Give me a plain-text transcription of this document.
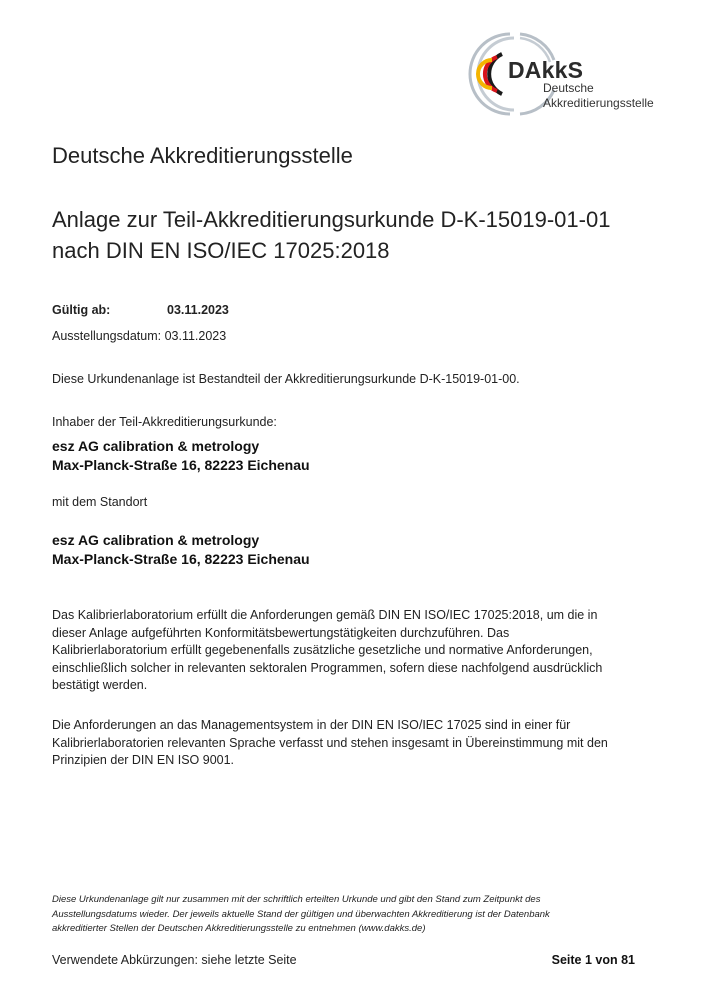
DAkkS
Deutsche
Akkreditierungsstelle
Deutsche Akkreditierungsstelle
Anlage zur Teil-Akkreditierungsurkunde D-K-15019-01-01
nach DIN EN ISO/IEC 17025:2018
Gültig ab:	03.11.2023
Ausstellungsdatum: 03.11.2023
Diese Urkundenanlage ist Bestandteil der Akkreditierungsurkunde D-K-15019-01-00.
Inhaber der Teil-Akkreditierungsurkunde:
esz AG calibration & metrology
Max-Planck-Straße 16, 82223 Eichenau
mit dem Standort
esz AG calibration & metrology
Max-Planck-Straße 16, 82223 Eichenau
Das Kalibrierlaboratorium erfüllt die Anforderungen gemäß DIN EN ISO/IEC 17025:2018, um die in
dieser Anlage aufgeführten Konformitätsbewertungstätigkeiten durchzuführen. Das
Kalibrierlaboratorium erfüllt gegebenenfalls zusätzliche gesetzliche und normative Anforderungen,
einschließlich solcher in relevanten sektoralen Programmen, sofern diese nachfolgend ausdrücklich
bestätigt werden.
Die Anforderungen an das Managementsystem in der DIN EN ISO/IEC 17025 sind in einer für
Kalibrierlaboratorien relevanten Sprache verfasst und stehen insgesamt in Übereinstimmung mit den
Prinzipien der DIN EN ISO 9001.
Diese Urkundenanlage gilt nur zusammen mit der schriftlich erteilten Urkunde und gibt den Stand zum Zeitpunkt des
Ausstellungsdatums wieder. Der jeweils aktuelle Stand der gültigen und überwachten Akkreditierung ist der Datenbank
akkreditierter Stellen der Deutschen Akkreditierungsstelle zu entnehmen (www.dakks.de)
Verwendete Abkürzungen: siehe letzte Seite	Seite 1 von 81
